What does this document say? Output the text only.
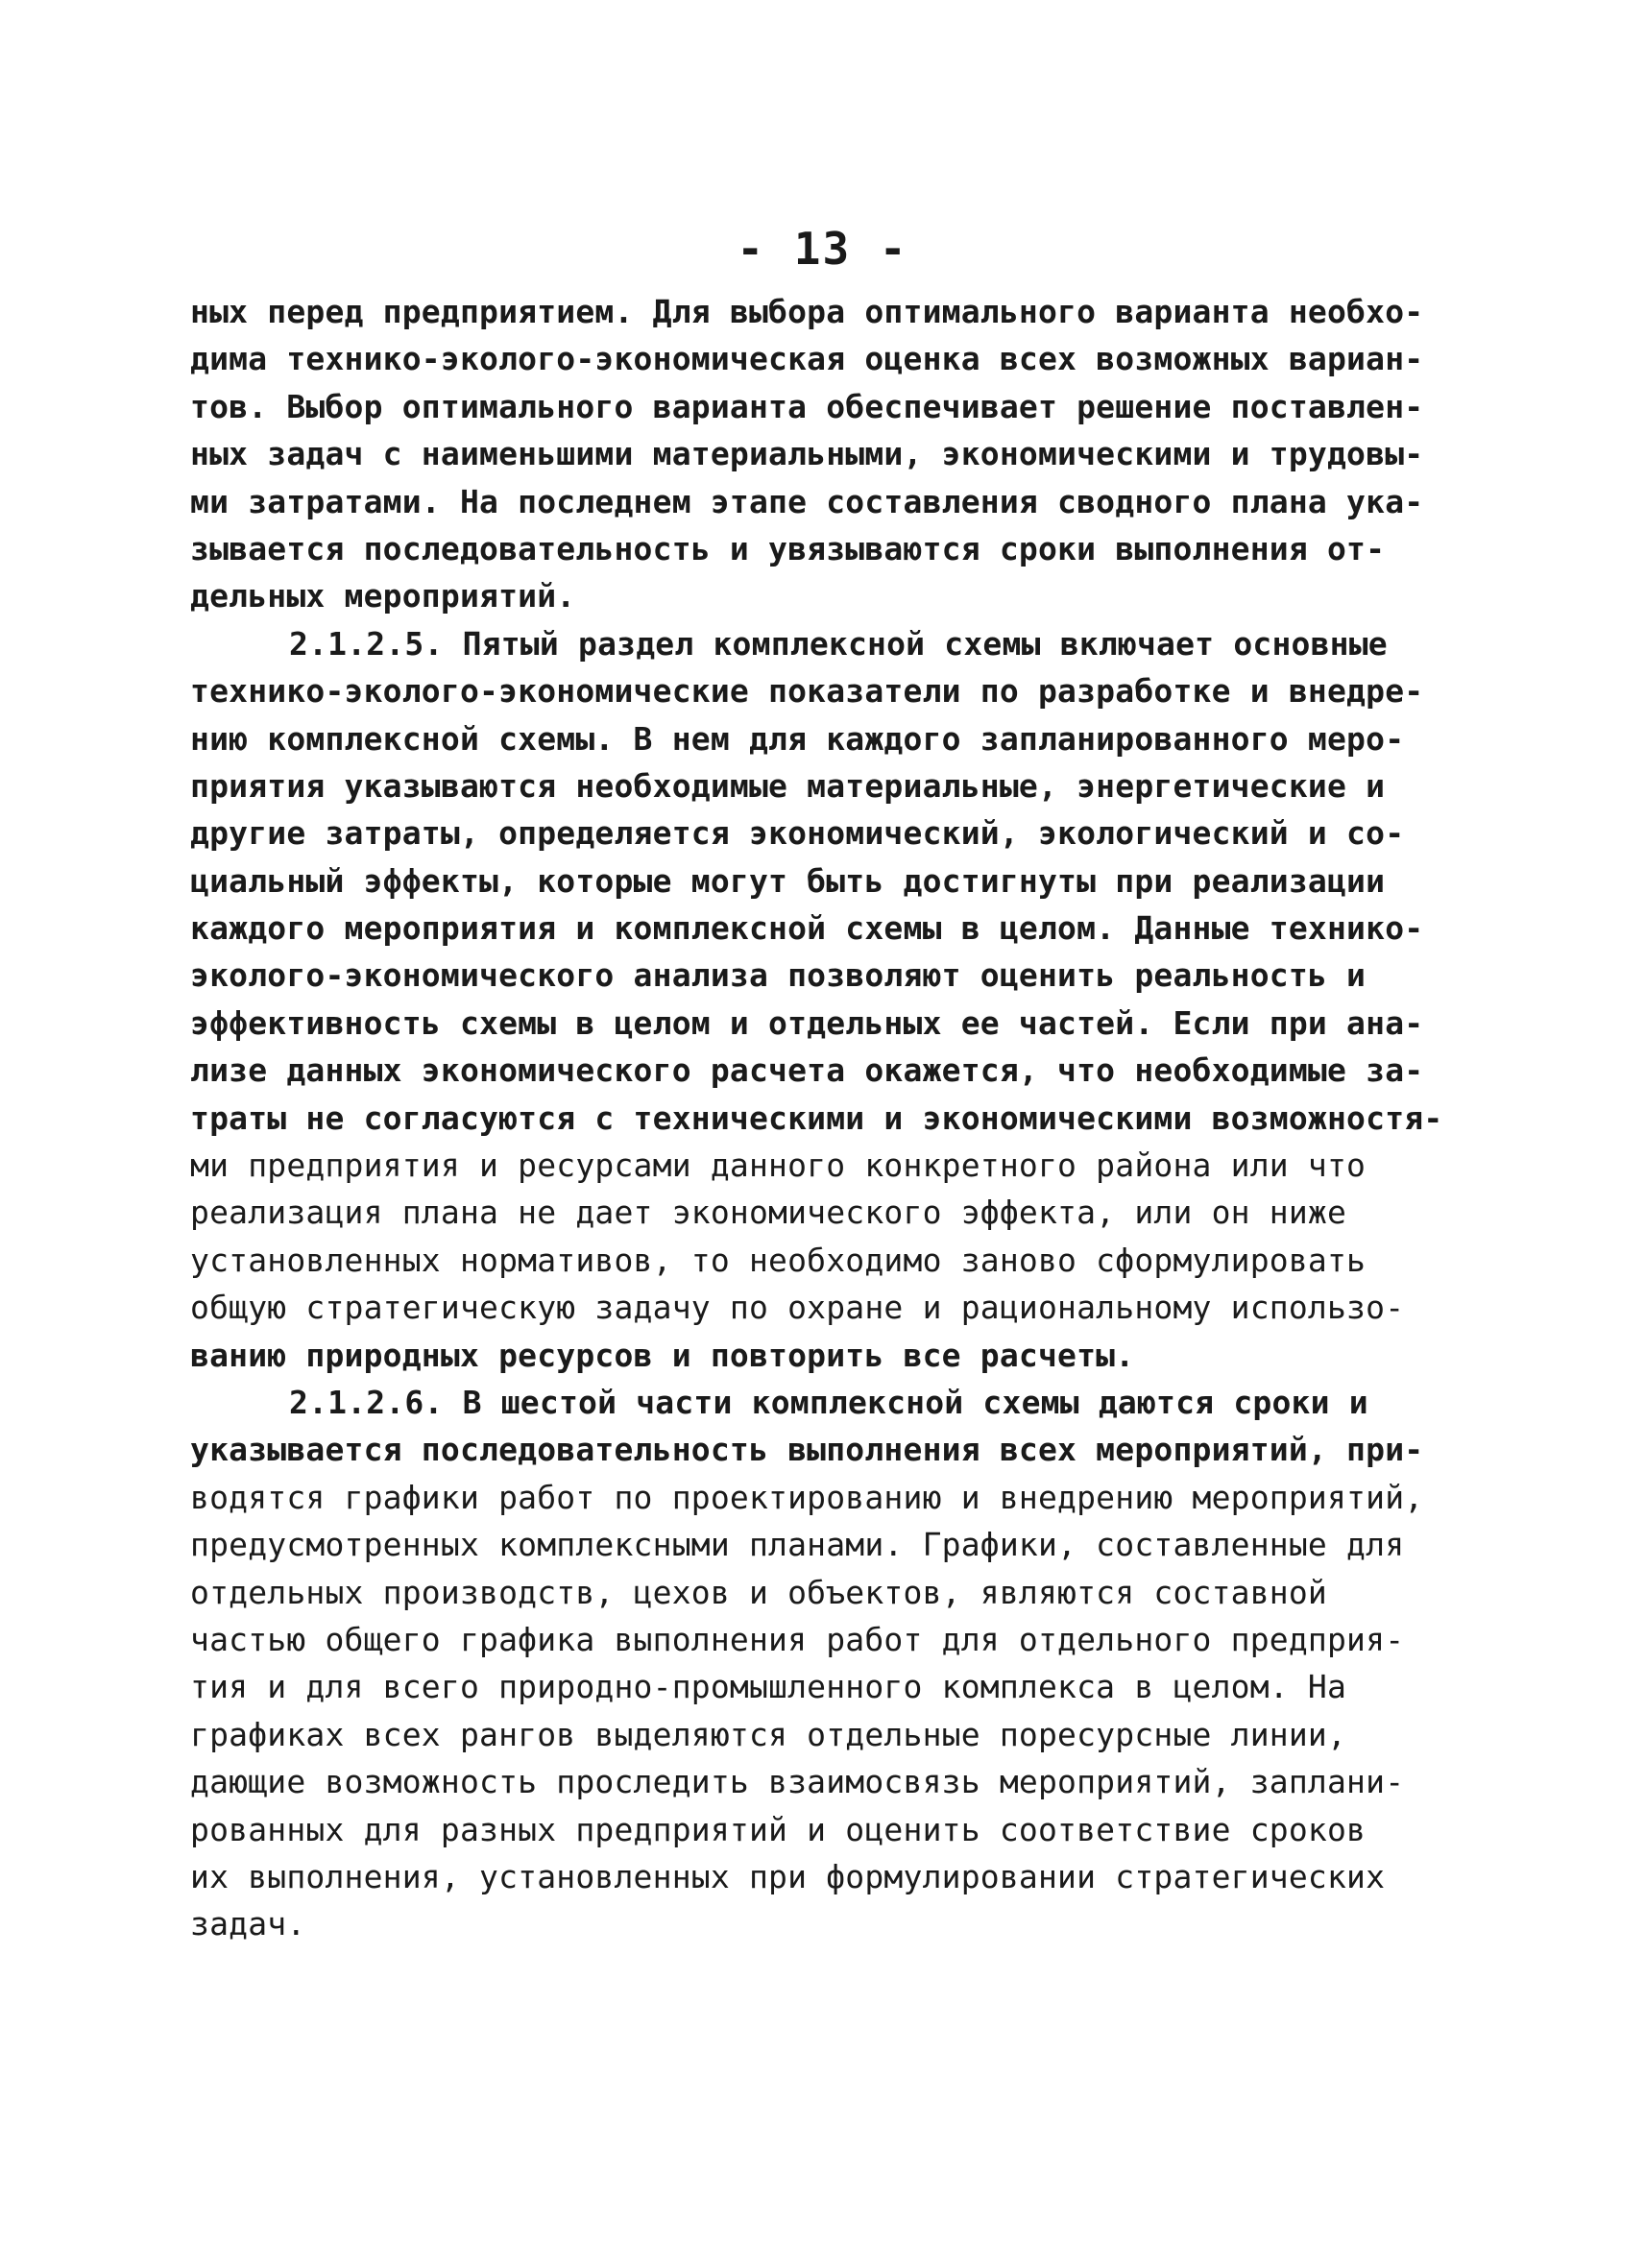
- 13 -
ных перед предприятием. Для выбора оптимального варианта необхо-
дима технико-эколого-экономическая оценка всех возможных вариан-
тов. Выбор оптимального варианта обеспечивает решение поставлен-
ных задач с наименьшими материальными, экономическими и трудовы-
ми затратами. На последнем этапе составления сводного плана ука-
зывается последовательность и увязываются сроки выполнения от-
дельных мероприятий.
2.1.2.5. Пятый раздел комплексной схемы включает основные
технико-эколого-экономические показатели по разработке и внедре-
нию комплексной схемы. В нем для каждого запланированного меро-
приятия указываются необходимые материальные, энергетические и
другие затраты, определяется экономический, экологический и со-
циальный эффекты, которые могут быть достигнуты при реализации
каждого мероприятия и комплексной схемы в целом. Данные технико-
эколого-экономического анализа позволяют оценить реальность и
эффективность схемы в целом и отдельных ее частей. Если при ана-
лизе данных экономического расчета окажется, что необходимые за-
траты не согласуются с техническими и экономическими возможностя-
ми предприятия и ресурсами данного конкретного района или что
реализация плана не дает экономического эффекта, или он ниже
установленных нормативов, то необходимо заново сформулировать
общую стратегическую задачу по охране и рациональному использо-
ванию природных ресурсов и повторить все расчеты.
2.1.2.6. В шестой части комплексной схемы даются сроки и
указывается последовательность выполнения всех мероприятий, при-
водятся графики работ по проектированию и внедрению мероприятий,
предусмотренных комплексными планами. Графики, составленные для
отдельных производств, цехов и объектов, являются составной
частью общего графика выполнения работ для отдельного предприя-
тия и для всего природно-промышленного комплекса в целом. На
графиках всех рангов выделяются отдельные поресурсные линии,
дающие возможность проследить взаимосвязь мероприятий, заплани-
рованных для разных предприятий и оценить соответствие сроков
их выполнения, установленных при формулировании стратегических
задач.
